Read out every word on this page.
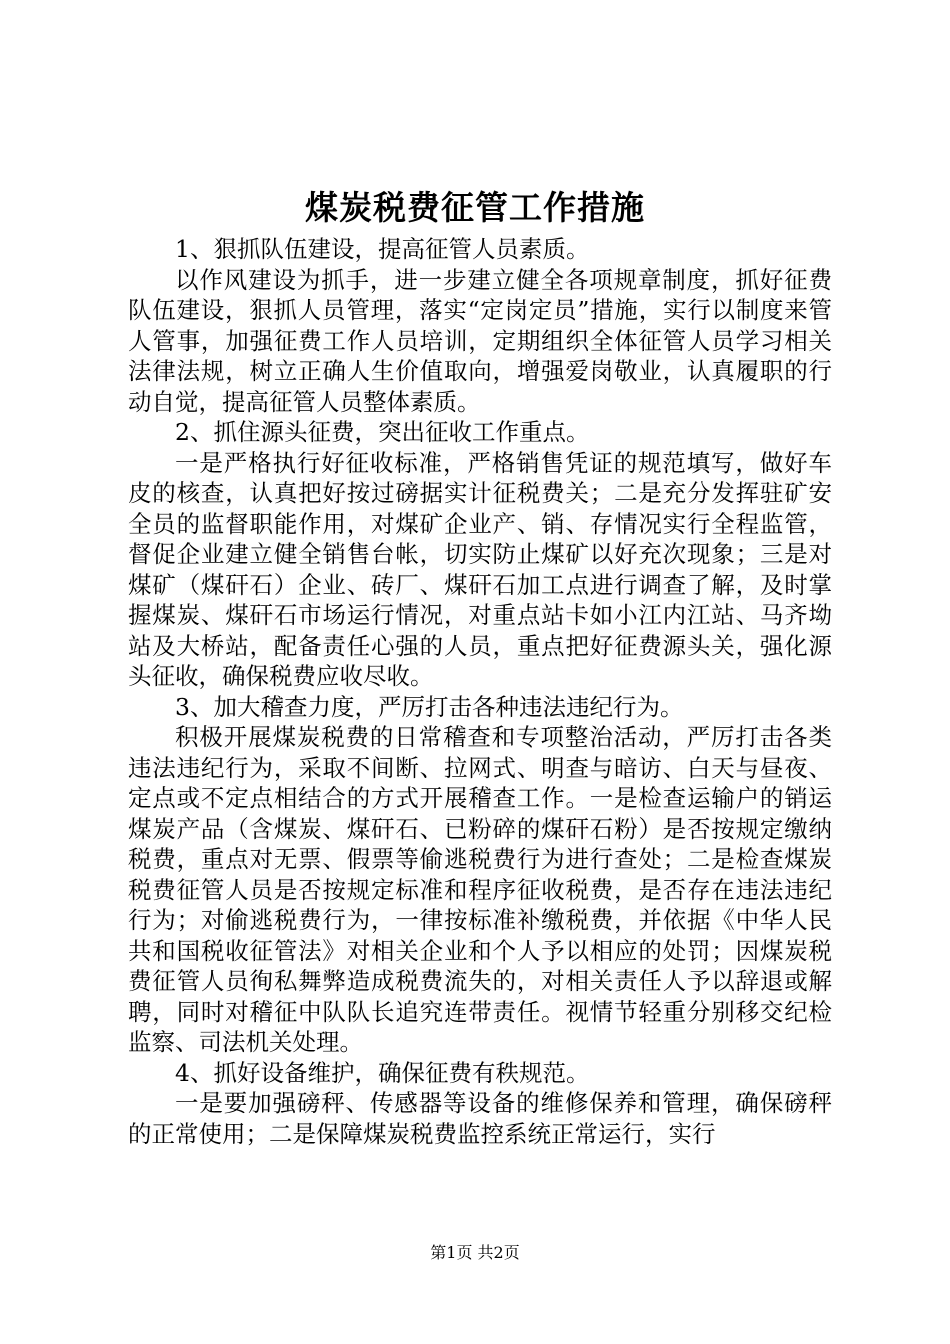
煤炭税费征管工作措施

1、狠抓队伍建设，提高征管人员素质。

以作风建设为抓手，进一步建立健全各项规章制度，抓好征费队伍建设，狠抓人员管理，落实“定岗定员”措施，实行以制度来管人管事，加强征费工作人员培训，定期组织全体征管人员学习相关法律法规，树立正确人生价值取向，增强爱岗敬业，认真履职的行动自觉，提高征管人员整体素质。

2、抓住源头征费，突出征收工作重点。

一是严格执行好征收标准，严格销售凭证的规范填写，做好车皮的核查，认真把好按过磅据实计征税费关；二是充分发挥驻矿安全员的监督职能作用，对煤矿企业产、销、存情况实行全程监管，督促企业建立健全销售台帐，切实防止煤矿以好充次现象；三是对煤矿（煤矸石）企业、砖厂、煤矸石加工点进行调查了解，及时掌握煤炭、煤矸石市场运行情况，对重点站卡如小江内江站、马齐坳站及大桥站，配备责任心强的人员，重点把好征费源头关，强化源头征收，确保税费应收尽收。

3、加大稽查力度，严厉打击各种违法违纪行为。

积极开展煤炭税费的日常稽查和专项整治活动，严厉打击各类违法违纪行为，采取不间断、拉网式、明查与暗访、白天与昼夜、定点或不定点相结合的方式开展稽查工作。一是检查运输户的销运煤炭产品（含煤炭、煤矸石、已粉碎的煤矸石粉）是否按规定缴纳税费，重点对无票、假票等偷逃税费行为进行查处；二是检查煤炭税费征管人员是否按规定标准和程序征收税费，是否存在违法违纪行为；对偷逃税费行为，一律按标准补缴税费，并依据《中华人民共和国税收征管法》对相关企业和个人予以相应的处罚；因煤炭税费征管人员徇私舞弊造成税费流失的，对相关责任人予以辞退或解聘，同时对稽征中队队长追究连带责任。视情节轻重分别移交纪检监察、司法机关处理。

4、抓好设备维护，确保征费有秩规范。

一是要加强磅秤、传感器等设备的维修保养和管理，确保磅秤的正常使用；二是保障煤炭税费监控系统正常运行，实行

第1页 共2页
